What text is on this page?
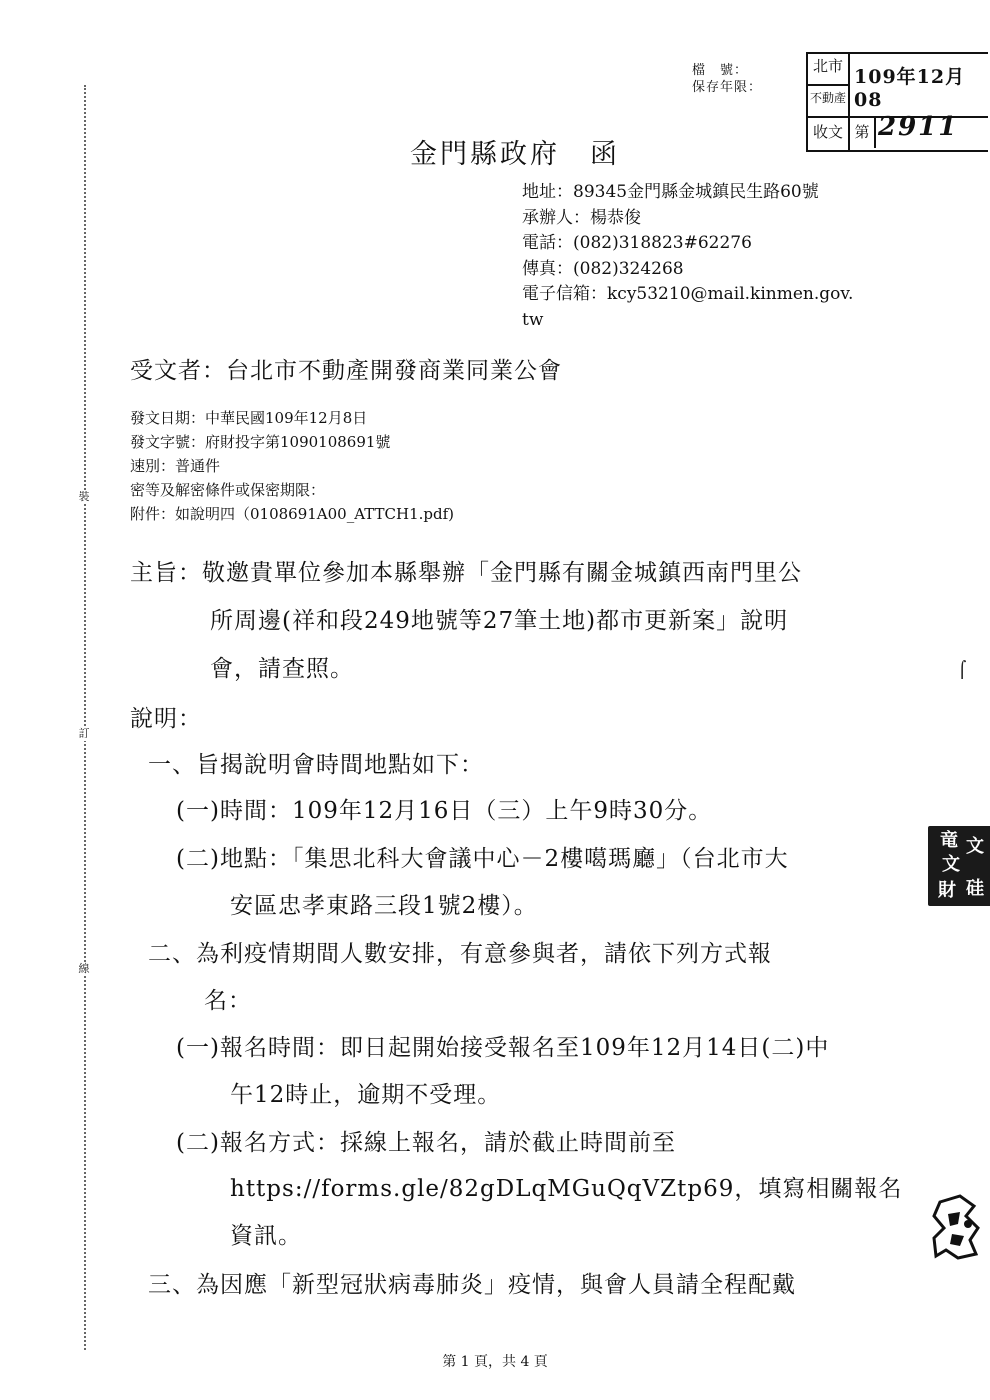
裝
訂
線
檔　號：
保存年限：
北市
不動產
收文
109年12月08
第 2911
金門縣政府　函
地址：89345金門縣金城鎮民生路60號
承辦人：楊恭俊
電話：(082)318823#62276
傳真：(082)324268
電子信箱：kcy53210@mail.kinmen.gov.
tw
受文者：台北市不動產開發商業同業公會
發文日期：中華民國109年12月8日
發文字號：府財投字第1090108691號
速別：普通件
密等及解密條件或保密期限：
附件：如說明四（0108691A00_ATTCH1.pdf)
主旨：敬邀貴單位參加本縣舉辦「金門縣有關金城鎮西南門里公
所周邊(祥和段249地號等27筆土地)都市更新案」說明
會，請查照。
說明：
一、旨揭說明會時間地點如下：
(一)時間：109年12月16日（三）上午9時30分。
(二)地點：「集思北科大會議中心－2樓噶瑪廳」（台北市大
安區忠孝東路三段1號2樓）。
二、為利疫情期間人數安排，有意參與者，請依下列方式報
名：
(一)報名時間：即日起開始接受報名至109年12月14日(二)中
午12時止，逾期不受理。
(二)報名方式：採線上報名，請於截止時間前至
https://forms.gle/82gDLqMGuQqVZtp69，填寫相關報名
資訊。
三、為因應「新型冠狀病毒肺炎」疫情，與會人員請全程配戴
⌠
竜 文
文
財 硅
第 1 頁，共 4 頁
